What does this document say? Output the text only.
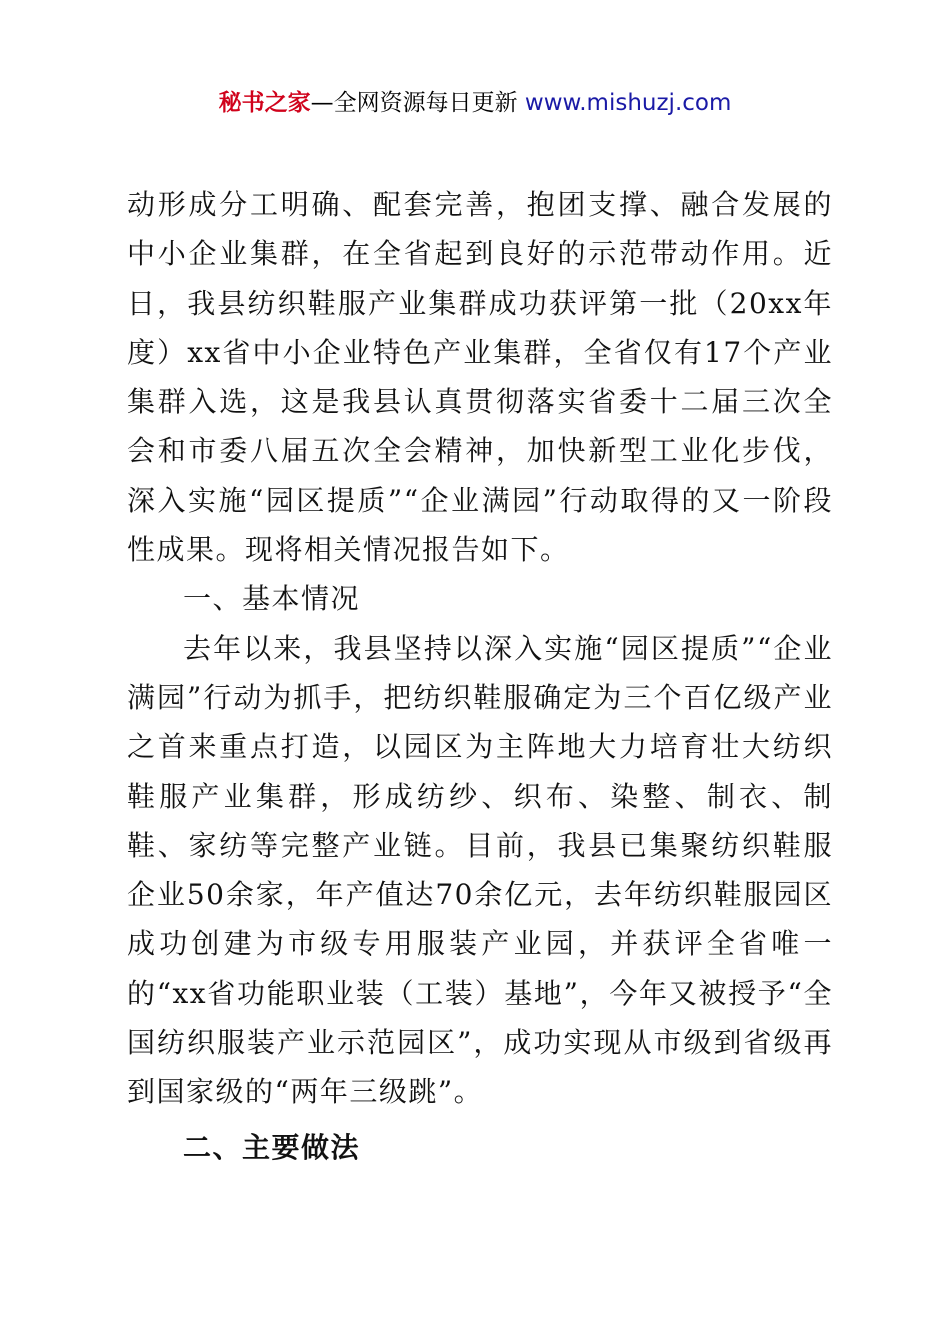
秘书之家—全网资源每日更新 www.mishuzj.com

动形成分工明确、配套完善，抱团支撑、融合发展的中小企业集群，在全省起到良好的示范带动作用。近日，我县纺织鞋服产业集群成功获评第一批（20xx年度）xx省中小企业特色产业集群，全省仅有17个产业集群入选，这是我县认真贯彻落实省委十二届三次全会和市委八届五次全会精神，加快新型工业化步伐，深入实施“园区提质”“企业满园”行动取得的又一阶段性成果。现将相关情况报告如下。

一、基本情况

去年以来，我县坚持以深入实施“园区提质”“企业满园”行动为抓手，把纺织鞋服确定为三个百亿级产业之首来重点打造，以园区为主阵地大力培育壮大纺织鞋服产业集群，形成纺纱、织布、染整、制衣、制鞋、家纺等完整产业链。目前，我县已集聚纺织鞋服企业50余家，年产值达70余亿元，去年纺织鞋服园区成功创建为市级专用服装产业园，并获评全省唯一的“xx省功能职业装（工装）基地”，今年又被授予“全国纺织服装产业示范园区”，成功实现从市级到省级再到国家级的“两年三级跳”。

二、主要做法
